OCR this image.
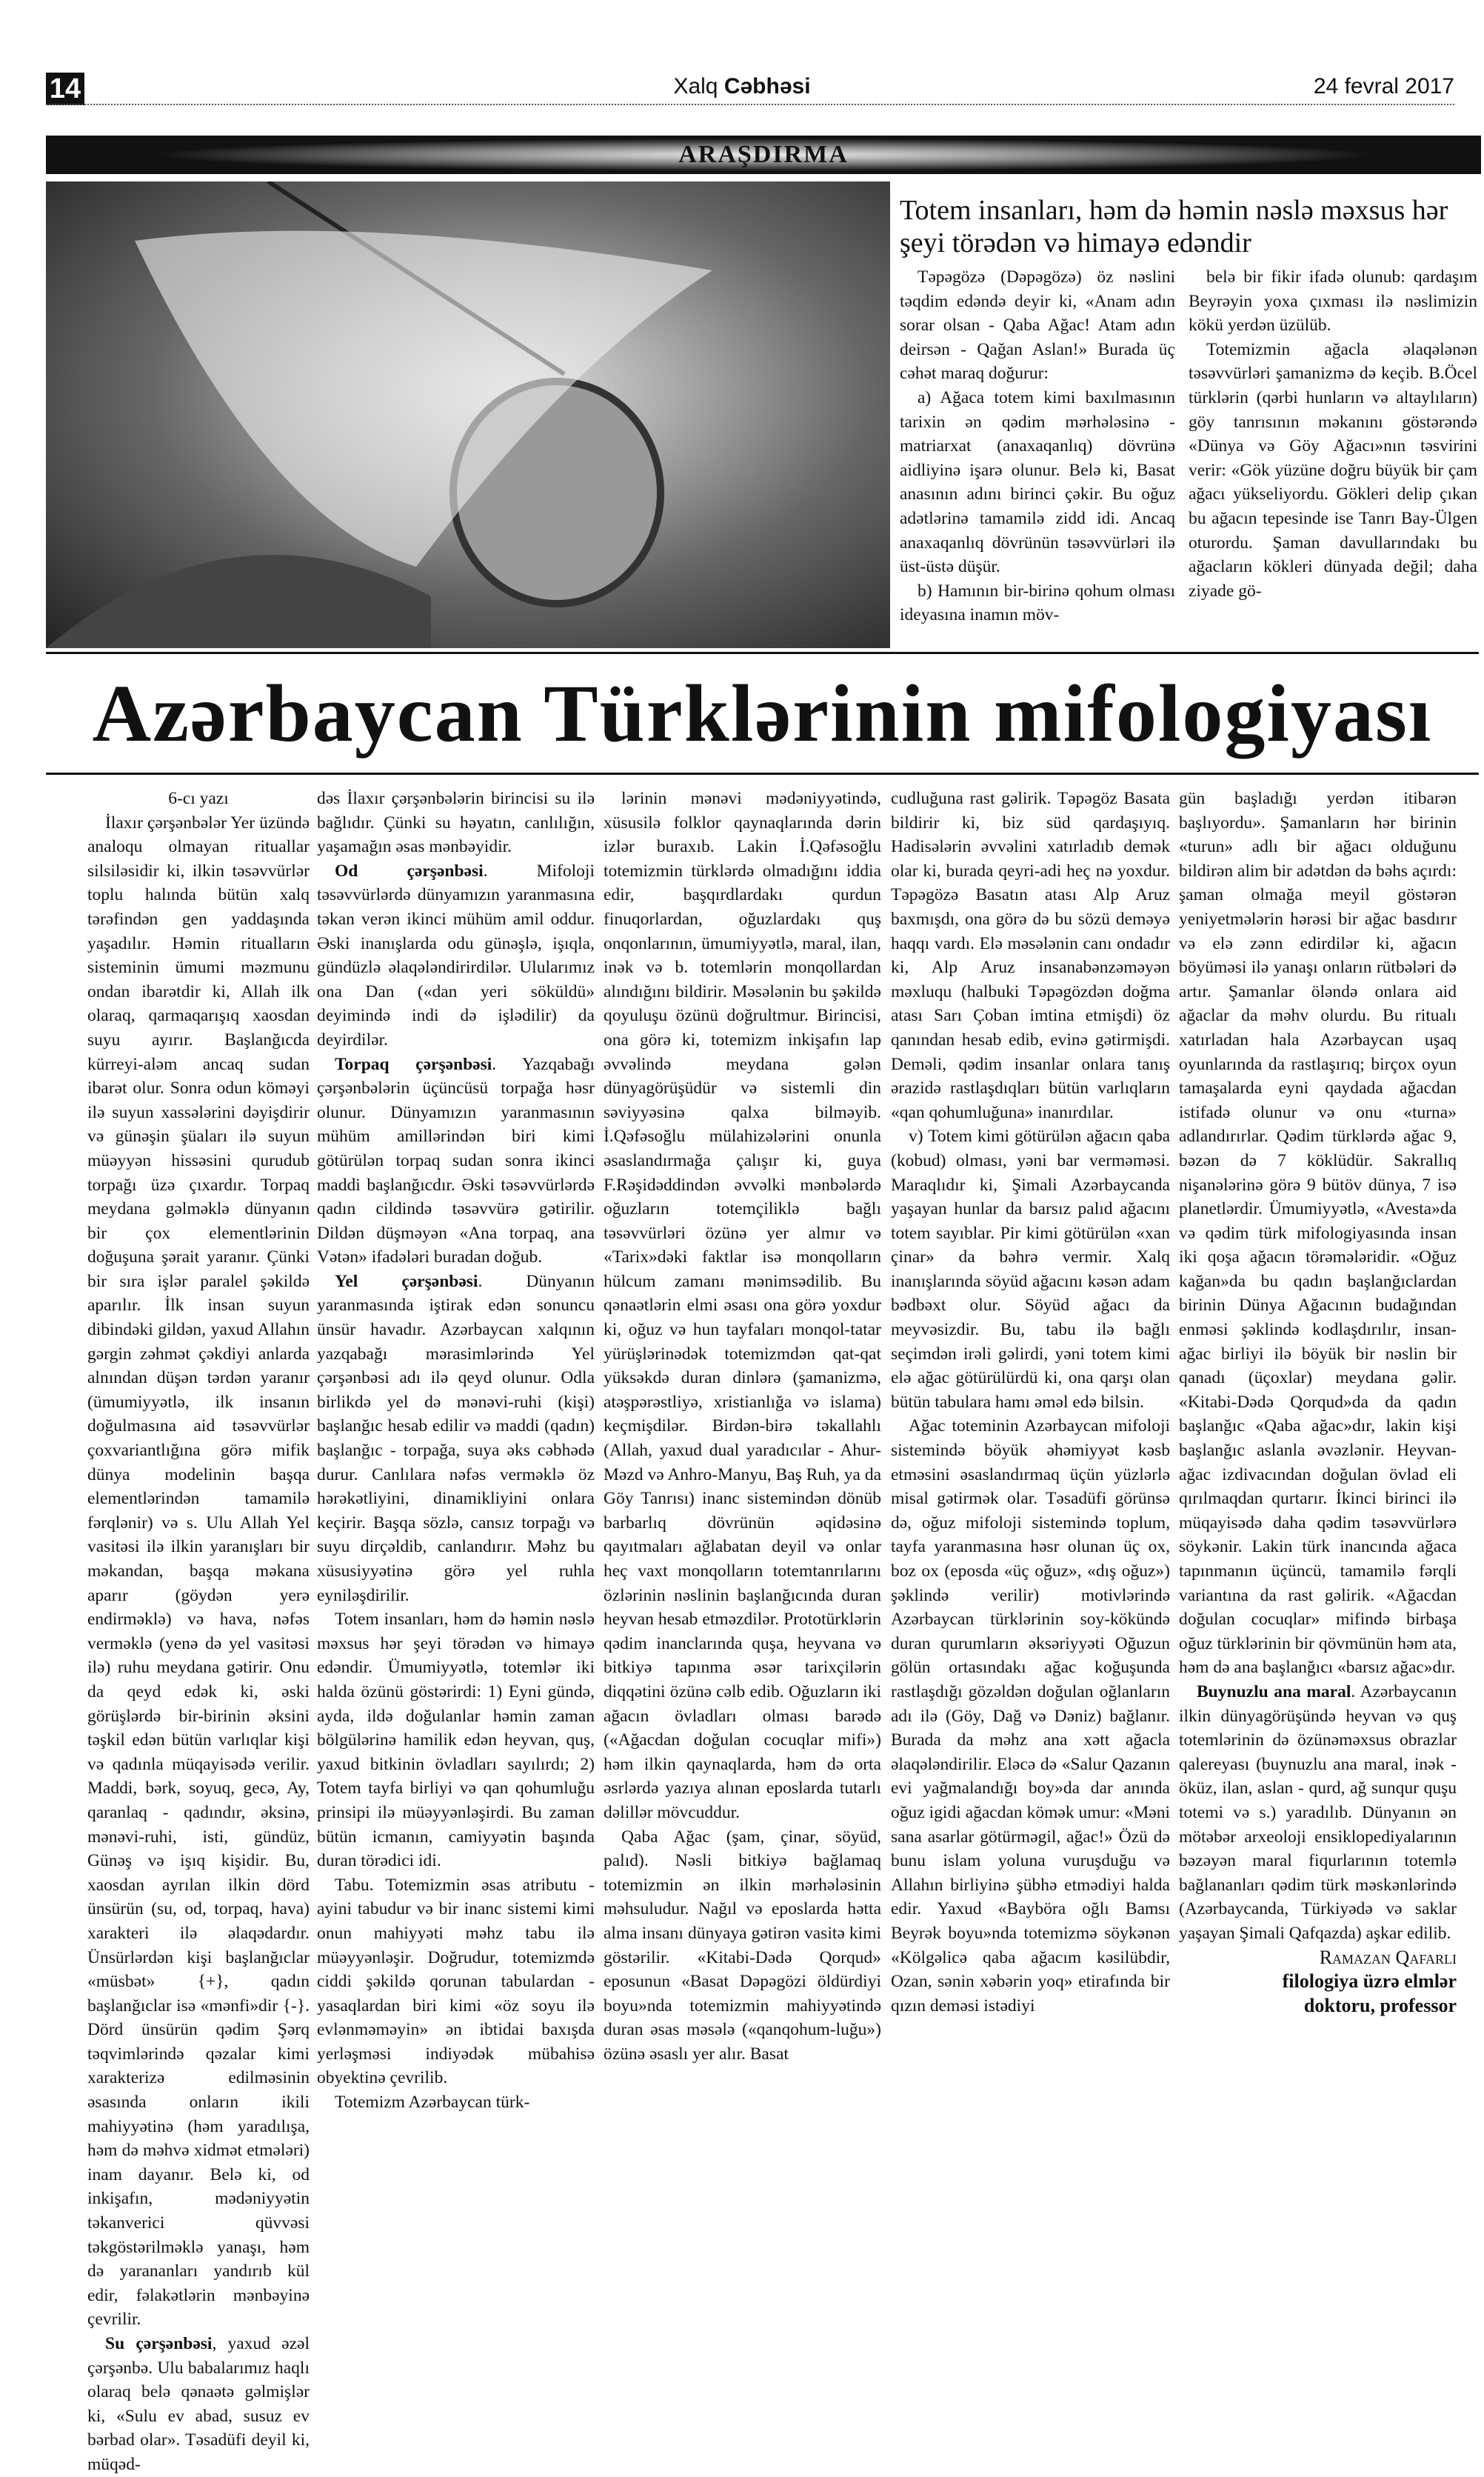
14	Xalq Cəbhəsi	24 fevral 2017
ARAŞDIRMA
Totem insanları, həm də həmin nəslə məxsus hər şeyi törədən və himayə edəndir

Təpəgözə (Dəpəgözə) öz nəslini təqdim edəndə deyir ki, «Anam adın sorar olsan - Qaba Ağac! Atam adın deirsən - Qağan Aslan!» Burada üç cəhət maraq doğurur:

a) Ağaca totem kimi baxılmasının tarixin ən qədim mərhələsinə - matriarxat (anaxaqanlıq) dövrünə aidliyinə işarə olunur. Belə ki, Basat anasının adını birinci çəkir. Bu oğuz adətlərinə tamamilə zidd idi. Ancaq anaxaqanlıq dövrünün təsəvvürləri ilə üst-üstə düşür.

b) Hamının bir-birinə qohum olması ideyasına inamın möv-

belə bir fikir ifadə olunub: qardaşım Beyrəyin yoxa çıxması ilə nəslimizin kökü yerdən üzülüb.

Totemizmin ağacla əlaqələnən təsəvvürləri şamanizmə də keçib. B.Öcel türklərin (qərbi hunların və altaylıların) göy tanrısının məkanını göstərəndə «Dünya və Göy Ağacı»nın təsvirini verir: «Gök yüzüne doğru büyük bir çam ağacı yükseliyordu. Gökleri delip çıkan bu ağacın tepesinde ise Tanrı Bay-Ülgen oturordu. Şaman davullarındakı bu ağacların kökleri dünyada değil; daha ziyade gö-

Azərbaycan Türklərinin mifologiyası

6-cı yazı

İlaxır çərşənbələr Yer üzündə analoqu olmayan rituallar silsiləsidir ki, ilkin təsəvvürlər toplu halında bütün xalq tərəfindən gen yaddaşında yaşadılır. Həmin ritualların sisteminin ümumi məzmunu ondan ibarətdir ki, Allah ilk olaraq, qarmaqarışıq xaosdan suyu ayırır. Başlanğıcda kürreyi-aləm ancaq sudan ibarət olur. Sonra odun köməyi ilə suyun xassələrini dəyişdirir və günəşin şüaları ilə suyun müəyyən hissəsini qurudub torpağı üzə çıxardır. Torpaq meydana gəlməklə dünyanın bir çox elementlərinin doğuşuna şərait yaranır. Çünki bir sıra işlər paralel şəkildə aparılır. İlk insan suyun dibindəki gildən, yaxud Allahın gərgin zəhmət çəkdiyi anlarda alnından düşən tərdən yaranır (ümumiyyətlə, ilk insanın doğulmasına aid təsəvvürlər çoxvariantlığına görə mifik dünya modelinin başqa elementlərindən tamamilə fərqlənir) və s. Ulu Allah Yel vasitəsi ilə ilkin yaranışları bir məkandan, başqa məkana aparır (göydən yerə endirməklə) və hava, nəfəs verməklə (yenə də yel vasitəsi ilə) ruhu meydana gətirir. Onu da qeyd edək ki, əski görüşlərdə bir-birinin əksini təşkil edən bütün varlıqlar kişi və qadınla müqayisədə verilir. Maddi, bərk, soyuq, gecə, Ay, qaranlaq - qadındır, əksinə, mənəvi-ruhi, isti, gündüz, Günəş və işıq kişidir. Bu, xaosdan ayrılan ilkin dörd ünsürün (su, od, torpaq, hava) xarakteri ilə əlaqədardır. Ünsürlərdən kişi başlanğıclar «müsbət» {+}, qadın başlanğıclar isə «mənfi»dir {-}. Dörd ünsürün qədim Şərq təqvimlərində qəzalar kimi xarakterizə edilməsinin əsasında onların ikili mahiyyətinə (həm yaradılışa, həm də məhvə xidmət etmələri) inam dayanır. Belə ki, od inkişafın, mədəniyyətin təkanverici qüvvəsi təkgöstərilməklə yanaşı, həm də yarananları yandırıb kül edir, fəlakətlərin mənbəyinə çevrilir.

Su çərşənbəsi, yaxud əzəl çərşənbə. Ulu babalarımız haqlı olaraq belə qənaətə gəlmişlər ki, «Sulu ev abad, susuz ev bərbad olar». Təsadüfi deyil ki, müqəd-

dəs İlaxır çərşənbələrin birincisi su ilə bağlıdır. Çünki su həyatın, canlılığın, yaşamağın əsas mənbəyidir.

Od çərşənbəsi. Mifoloji təsəvvürlərdə dünyamızın yaranmasına təkan verən ikinci mühüm amil oddur. Əski inanışlarda odu günəşlə, işıqla, gündüzlə əlaqələndirirdilər. Ulularımız ona Dan («dan yeri söküldü» deyimində indi də işlədilir) da deyirdilər.

Torpaq çərşənbəsi. Yazqabağı çərşənbələrin üçüncüsü torpağa həsr olunur. Dünyamızın yaranmasının mühüm amillərindən biri kimi götürülən torpaq sudan sonra ikinci maddi başlanğıcdır. Əski təsəvvürlərdə qadın cildində təsəvvürə gətirilir. Dildən düşməyən «Ana torpaq, ana Vətən» ifadələri buradan doğub.

Yel çərşənbəsi. Dünyanın yaranmasında iştirak edən sonuncu ünsür havadır. Azərbaycan xalqının yazqabağı mərasimlərində Yel çərşənbəsi adı ilə qeyd olunur. Odla birlikdə yel də mənəvi-ruhi (kişi) başlanğıc hesab edilir və maddi (qadın) başlanğıc - torpağa, suya əks cəbhədə durur. Canlılara nəfəs verməklə öz hərəkətliyini, dinamikliyini onlara keçirir. Başqa sözlə, cansız torpağı və suyu dirçəldib, canlandırır. Məhz bu xüsusiyyətinə görə yel ruhla eyniləşdirilir.

Totem insanları, həm də həmin nəslə məxsus hər şeyi törədən və himayə edəndir. Ümumiyyətlə, totemlər iki halda özünü göstərirdi: 1) Eyni gündə, ayda, ildə doğulanlar həmin zaman bölgülərinə hamilik edən heyvan, quş, yaxud bitkinin övladları sayılırdı; 2) Totem tayfa birliyi və qan qohumluğu prinsipi ilə müəyyənləşirdi. Bu zaman bütün icmanın, camiyyətin başında duran törədici idi.

Tabu. Totemizmin əsas atributu - ayini tabudur və bir inanc sistemi kimi onun mahiyyəti məhz tabu ilə müəyyənləşir. Doğrudur, totemizmdə ciddi şəkildə qorunan tabulardan - yasaqlardan biri kimi «öz soyu ilə evlənməməyin» ən ibtidai baxışda yerləşməsi indiyədək mübahisə obyektinə çevrilib.

Totemizm Azərbaycan türk-

lərinin mənəvi mədəniyyətində, xüsusilə folklor qaynaqlarında dərin izlər buraxıb. Lakin İ.Qəfəsoğlu totemizmin türklərdə olmadığını iddia edir, başqırdlardakı qurdun finuqorlardan, oğuzlardakı quş onqonlarının, ümumiyyətlə, maral, ilan, inək və b. totemlərin monqollardan alındığını bildirir. Məsələnin bu şəkildə qoyuluşu özünü doğrultmur. Birincisi, ona görə ki, totemizm inkişafın lap əvvəlində meydana gələn dünyagörüşüdür və sistemli din səviyyəsinə qalxa bilməyib. İ.Qəfəsoğlu mülahizələrini onunla əsaslandırmağa çalışır ki, guya F.Rəşidəddindən əvvəlki mənbələrdə oğuzların totemçiliklə bağlı təsəvvürləri özünə yer almır və «Tarix»dəki faktlar isə monqolların hülcum zamanı mənimsədilib. Bu qənaətlərin elmi əsası ona görə yoxdur ki, oğuz və hun tayfaları monqol-tatar yürüşlərinədək totemizmdən qat-qat yüksəkdə duran dinlərə (şamanizmə, atəşpərəstliyə, xristianlığa və islama) keçmişdilər. Birdən-birə təkallahlı (Allah, yaxud dual yaradıcılar - Ahur-Məzd və Anhro-Manyu, Baş Ruh, ya da Göy Tanrısı) inanc sistemindən dönüb barbarlıq dövrünün əqidəsinə qayıtmaları ağlabatan deyil və onlar heç vaxt monqolların totemtanrılarını özlərinin nəslinin başlanğıcında duran heyvan hesab etməzdilər. Prototürklərin qədim inanclarında quşa, heyvana və bitkiyə tapınma əsər tarixçilərin diqqətini özünə cəlb edib. Oğuzların iki ağacın övladları olması barədə («Ağacdan doğulan cocuqlar mifi») həm ilkin qaynaqlarda, həm də orta əsrlərdə yazıya alınan eposlarda tutarlı dəlillər mövcuddur.

Qaba Ağac (şam, çinar, söyüd, palıd). Nəsli bitkiyə bağlamaq totemizmin ən ilkin mərhələsinin məhsuludur. Nağıl və eposlarda hətta alma insanı dünyaya gətirən vasitə kimi göstərilir. «Kitabi-Dədə Qorqud» eposunun «Basat Dəpəgözi öldürdiyi boyu»nda totemizmin mahiyyətində duran əsas məsələ («qanqohum-luğu») özünə əsaslı yer alır. Basat

cudluğuna rast gəlirik. Təpəgöz Basata bildirir ki, biz süd qardaşıyıq. Hadisələrin əvvəlini xatırladıb demək olar ki, burada qeyri-adi heç nə yoxdur. Təpəgözə Basatın atası Alp Aruz baxmışdı, ona görə də bu sözü deməyə haqqı vardı. Elə məsələnin canı ondadır ki, Alp Aruz insanabənzəməyən məxluqu (halbuki Təpəgözdən doğma atası Sarı Çoban imtina etmişdi) öz qanından hesab edib, evinə gətirmişdi. Deməli, qədim insanlar onlara tanış ərazidə rastlaşdıqları bütün varlıqların «qan qohumluğuna» inanırdılar.

v) Totem kimi götürülən ağacın qaba (kobud) olması, yəni bar verməməsi. Maraqlıdır ki, Şimali Azərbaycanda yaşayan hunlar da barsız palıd ağacını totem sayıblar. Pir kimi götürülən «xan çinar» da bəhrə vermir. Xalq inanışlarında söyüd ağacını kəsən adam bədbəxt olur. Söyüd ağacı da meyvəsizdir. Bu, tabu ilə bağlı seçimdən irəli gəlirdi, yəni totem kimi elə ağac götürülürdü ki, ona qarşı olan bütün tabulara hamı əməl edə bilsin.

Ağac toteminin Azərbaycan mifoloji sistemində böyük əhəmiyyət kəsb etməsini əsaslandırmaq üçün yüzlərlə misal gətirmək olar. Təsadüfi görünsə də, oğuz mifoloji sistemində toplum, tayfa yaranmasına həsr olunan üç ox, boz ox (eposda «üç oğuz», «dış oğuz») şəklində verilir) motivlərində Azərbaycan türklərinin soy-kökündə duran qurumların əksəriyyəti Oğuzun gölün ortasındakı ağac koğuşunda rastlaşdığı gözəldən doğulan oğlanların adı ilə (Göy, Dağ və Dəniz) bağlanır. Burada da məhz ana xətt ağacla əlaqələndirilir. Eləcə də «Salur Qazanın evi yağmalandığı boy»da dar anında oğuz igidi ağacdan kömək umur: «Məni sana asarlar götürməgil, ağac!» Özü də bunu islam yoluna vuruşduğu və Allahın birliyinə şübhə etmədiyi halda edir. Yaxud «Bayböra oğlı Bamsı Beyrək boyu»nda totemizmə söykənən «Kölgəlicə qaba ağacım kəsilübdir, Ozan, sənin xəbərin yoq» etirafında bir qızın deməsi istədiyi

gün başladığı yerdən itibarən başlıyordu». Şamanların hər birinin «turun» adlı bir ağacı olduğunu bildirən alim bir adətdən də bəhs açırdı: şaman olmağa meyil göstərən yeniyetmələrin hərəsi bir ağac basdırır və elə zənn edirdilər ki, ağacın böyüməsi ilə yanaşı onların rütbələri də artır. Şamanlar öləndə onlara aid ağaclar da məhv olurdu. Bu ritualı xatırladan hala Azərbaycan uşaq oyunlarında da rastlaşırıq; birçox oyun tamaşalarda eyni qaydada ağacdan istifadə olunur və onu «turna» adlandırırlar. Qədim türklərdə ağac 9, bəzən də 7 köklüdür. Sakrallıq nişanələrinə görə 9 bütöv dünya, 7 isə planetlərdir. Ümumiyyətlə, «Avesta»da və qədim türk mifologiyasında insan iki qoşa ağacın törəmələridir. «Oğuz kağan»da bu qadın başlanğıclardan birinin Dünya Ağacının budağından enməsi şəklində kodlaşdırılır, insan-ağac birliyi ilə böyük bir nəslin bir qanadı (üçoxlar) meydana gəlir. «Kitabi-Dədə Qorqud»da da qadın başlanğıc «Qaba ağac»dır, lakin kişi başlanğıc aslanla əvəzlənir. Heyvan-ağac izdivacından doğulan övlad eli qırılmaqdan qurtarır. İkinci birinci ilə müqayisədə daha qədim təsəvvürlərə söykənir. Lakin türk inancında ağaca tapınmanın üçüncü, tamamilə fərqli variantına da rast gəlirik. «Ağacdan doğulan cocuqlar» mifində birbaşa oğuz türklərinin bir qövmünün həm ata, həm də ana başlanğıcı «barsız ağac»dır.

Buynuzlu ana maral. Azərbaycanın ilkin dünyagörüşündə heyvan və quş totemlərinin də özünəməxsus obrazlar qalereyası (buynuzlu ana maral, inək - öküz, ilan, aslan - qurd, ağ sunqur quşu totemi və s.) yaradılıb. Dünyanın ən mötəbər arxeoloji ensiklopediyalarının bəzəyən maral fiqurlarının totemlə bağlananları qədim türk məskənlərində (Azərbaycanda, Türkiyədə və saklar yaşayan Şimali Qafqazda) aşkar edilib.

Ramazan Qafarlı
filologiya üzrə elmlər
doktoru, professor
